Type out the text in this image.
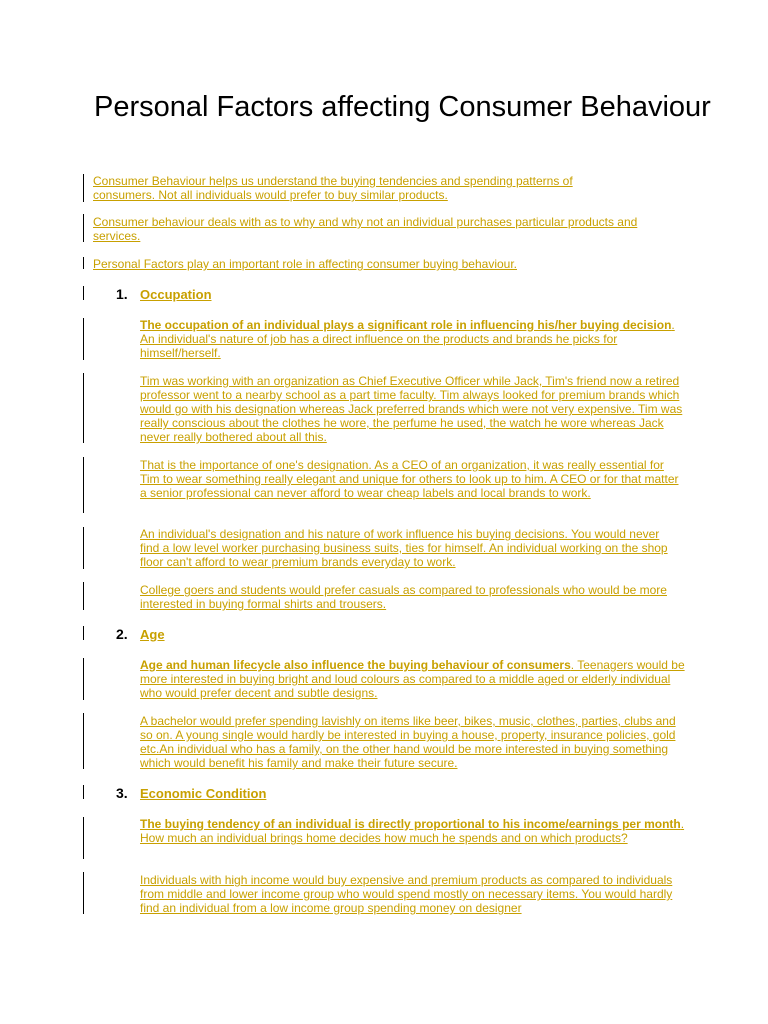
Personal Factors affecting Consumer Behaviour

Consumer Behaviour helps us understand the buying tendencies and spending patterns of consumers. Not all individuals would prefer to buy similar products.

Consumer behaviour deals with as to why and why not an individual purchases particular products and services.

Personal Factors play an important role in affecting consumer buying behaviour.

1. Occupation

The occupation of an individual plays a significant role in influencing his/her buying decision. An individual's nature of job has a direct influence on the products and brands he picks for himself/herself.

Tim was working with an organization as Chief Executive Officer while Jack, Tim's friend now a retired professor went to a nearby school as a part time faculty. Tim always looked for premium brands which would go with his designation whereas Jack preferred brands which were not very expensive. Tim was really conscious about the clothes he wore, the perfume he used, the watch he wore whereas Jack never really bothered about all this.

That is the importance of one's designation. As a CEO of an organization, it was really essential for Tim to wear something really elegant and unique for others to look up to him. A CEO or for that matter a senior professional can never afford to wear cheap labels and local brands to work.

An individual's designation and his nature of work influence his buying decisions. You would never find a low level worker purchasing business suits, ties for himself. An individual working on the shop floor can't afford to wear premium brands everyday to work.

College goers and students would prefer casuals as compared to professionals who would be more interested in buying formal shirts and trousers.

2. Age

Age and human lifecycle also influence the buying behaviour of consumers. Teenagers would be more interested in buying bright and loud colours as compared to a middle aged or elderly individual who would prefer decent and subtle designs.

A bachelor would prefer spending lavishly on items like beer, bikes, music, clothes, parties, clubs and so on. A young single would hardly be interested in buying a house, property, insurance policies, gold etc.An individual who has a family, on the other hand would be more interested in buying something which would benefit his family and make their future secure.

3. Economic Condition

The buying tendency of an individual is directly proportional to his income/earnings per month. How much an individual brings home decides how much he spends and on which products?

Individuals with high income would buy expensive and premium products as compared to individuals from middle and lower income group who would spend mostly on necessary items. You would hardly find an individual from a low income group spending money on designer
